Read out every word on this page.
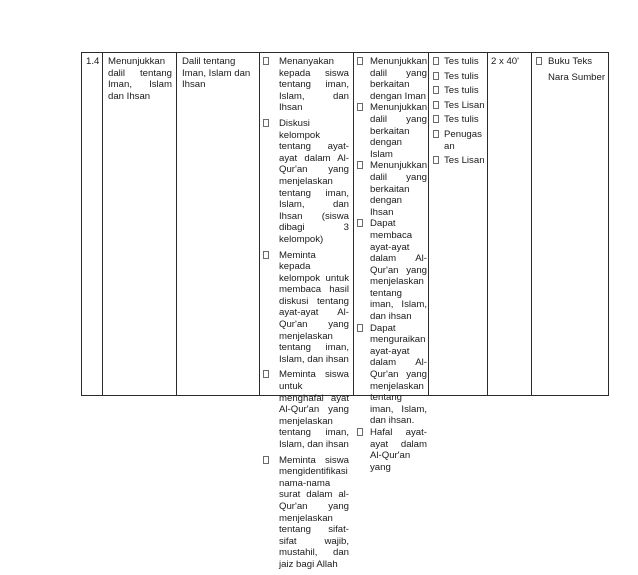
1.4 Menunjukkan dalil tentang Iman, Islam dan Ihsan
Dalil tentang Iman, Islam dan Ihsan
Menanyakan kepada siswa tentang iman, Islam, dan Ihsan
Diskusi kelompok tentang ayat-ayat dalam Al-Qur'an yang menjelaskan tentang iman, Islam, dan Ihsan (siswa dibagi 3 kelompok)
Meminta kepada kelompok untuk membaca hasil diskusi tentang ayat-ayat Al-Qur'an yang menjelaskan tentang iman, Islam, dan ihsan
Meminta siswa untuk menghafal ayat Al-Qur'an yang menjelaskan tentang iman, Islam, dan ihsan
Meminta siswa mengidentifikasi nama-nama surat dalam al-Qur'an yang menjelaskan tentang sifat-sifat wajib, mustahil, dan jaiz bagi Allah
Menunjukkan dalil yang berkaitan dengan Iman
Menunjukkan dalil yang berkaitan dengan Islam
Menunjukkan dalil yang berkaitan dengan Ihsan
Dapat membaca ayat-ayat dalam Al-Qur'an yang menjelaskan tentang iman, Islam, dan ihsan
Dapat menguraikan ayat-ayat dalam Al-Qur'an yang menjelaskan tentang iman, Islam, dan ihsan.
Hafal ayat-ayat dalam Al-Qur'an yang
Tes tulis
Tes tulis
Tes tulis
Tes Lisan
Tes tulis
Penugasan
Tes Lisan
2 x 40'	Buku Teks
Nara Sumber
